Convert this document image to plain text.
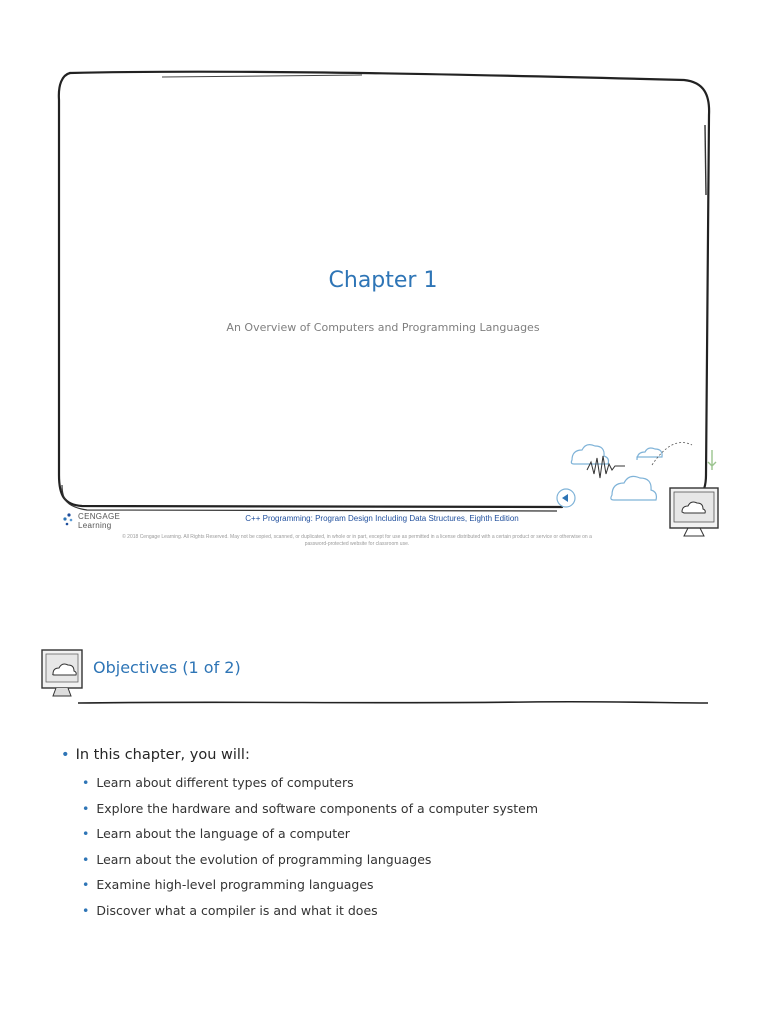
Chapter 1
An Overview of Computers and Programming Languages
CENGAGE
Learning
C++ Programming: Program Design Including Data Structures, Eighth Edition
© 2018 Cengage Learning. All Rights Reserved. May not be copied, scanned, or duplicated, in whole or in part, except for use as permitted in a license distributed with a certain product or service or otherwise on a password-protected website for classroom use.
Objectives (1 of 2)
• In this chapter, you will:
• Learn about different types of computers
• Explore the hardware and software components of a computer system
• Learn about the language of a computer
• Learn about the evolution of programming languages
• Examine high-level programming languages
• Discover what a compiler is and what it does
